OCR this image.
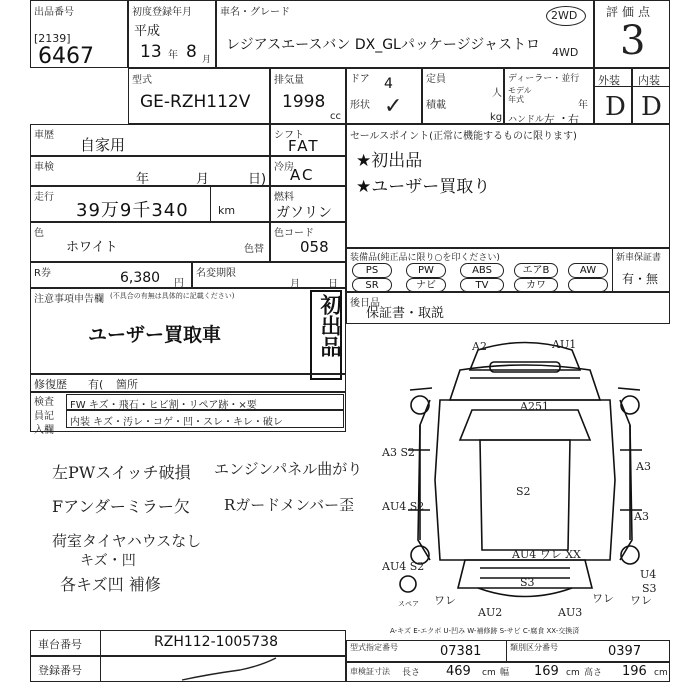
出品番号
[2139]
6467
初度登録年月
平成
13 年 8 月
車名・グレード
レジアスエースバン DX_GLパッケージジャストロ
2WD
4WD
評価点
3
型式
GE-RZH112V
排気量
1998
cc
ドア 4
形状 ✓
定員
人
積載
kg
ディーラー・並行
モデル年式
年
ハンドル 左 右
・
外装 内装
D D
車歴
自家用
車検
年	月	日)
走行
39万9千340	km
色
ホワイト	色替
R券	6,380 円
名変期限
月	日
シフト
FAT
冷房
AC
燃料
ガソリン
色コード
058
セールスポイント(正常に機能するものに限ります)
★初出品
★ユーザー買取り
装備品(純正品に限り○を印ください)	新車保証書
有・無
PS	PW	ABS	エアB	AW
SR	ナビ	TV	カワ
後日品
保証書・取説
注意事項申告欄 (不具合の有無は具体的に記載ください)
ユーザー買取車	初出品
修復歴 有( 箇所
検査員記入欄
FW キズ・飛石・ヒビ割・リペア跡・×要
内装 キズ・汚レ・コゲ・凹・スレ・キレ・破レ
左PWスイッチ破損
Fアンダーミラー欠
荷室タイヤハウスなし
キズ・凹
各キズ凹 補修
エンジンパネル曲がり
Rガードメンバー歪
A2	AU1
A251
A3
S2
A3 S2
A3
AU4 S2
AU4 S2
AU4 ワレ XX
S3
U4
S3
AU2	AU3
ワレ	ワレ ワレ
スペア
A-キズ E-エクボ U-凹み W-補修跡 S-サビ C-腐食 XX-交換済
車台番号	RZH112-1005738
登録番号
型式指定番号	07381	類別区分番号	0397
車検証寸法 長さ 469 cm 幅 169 cm 高さ 196 cm
